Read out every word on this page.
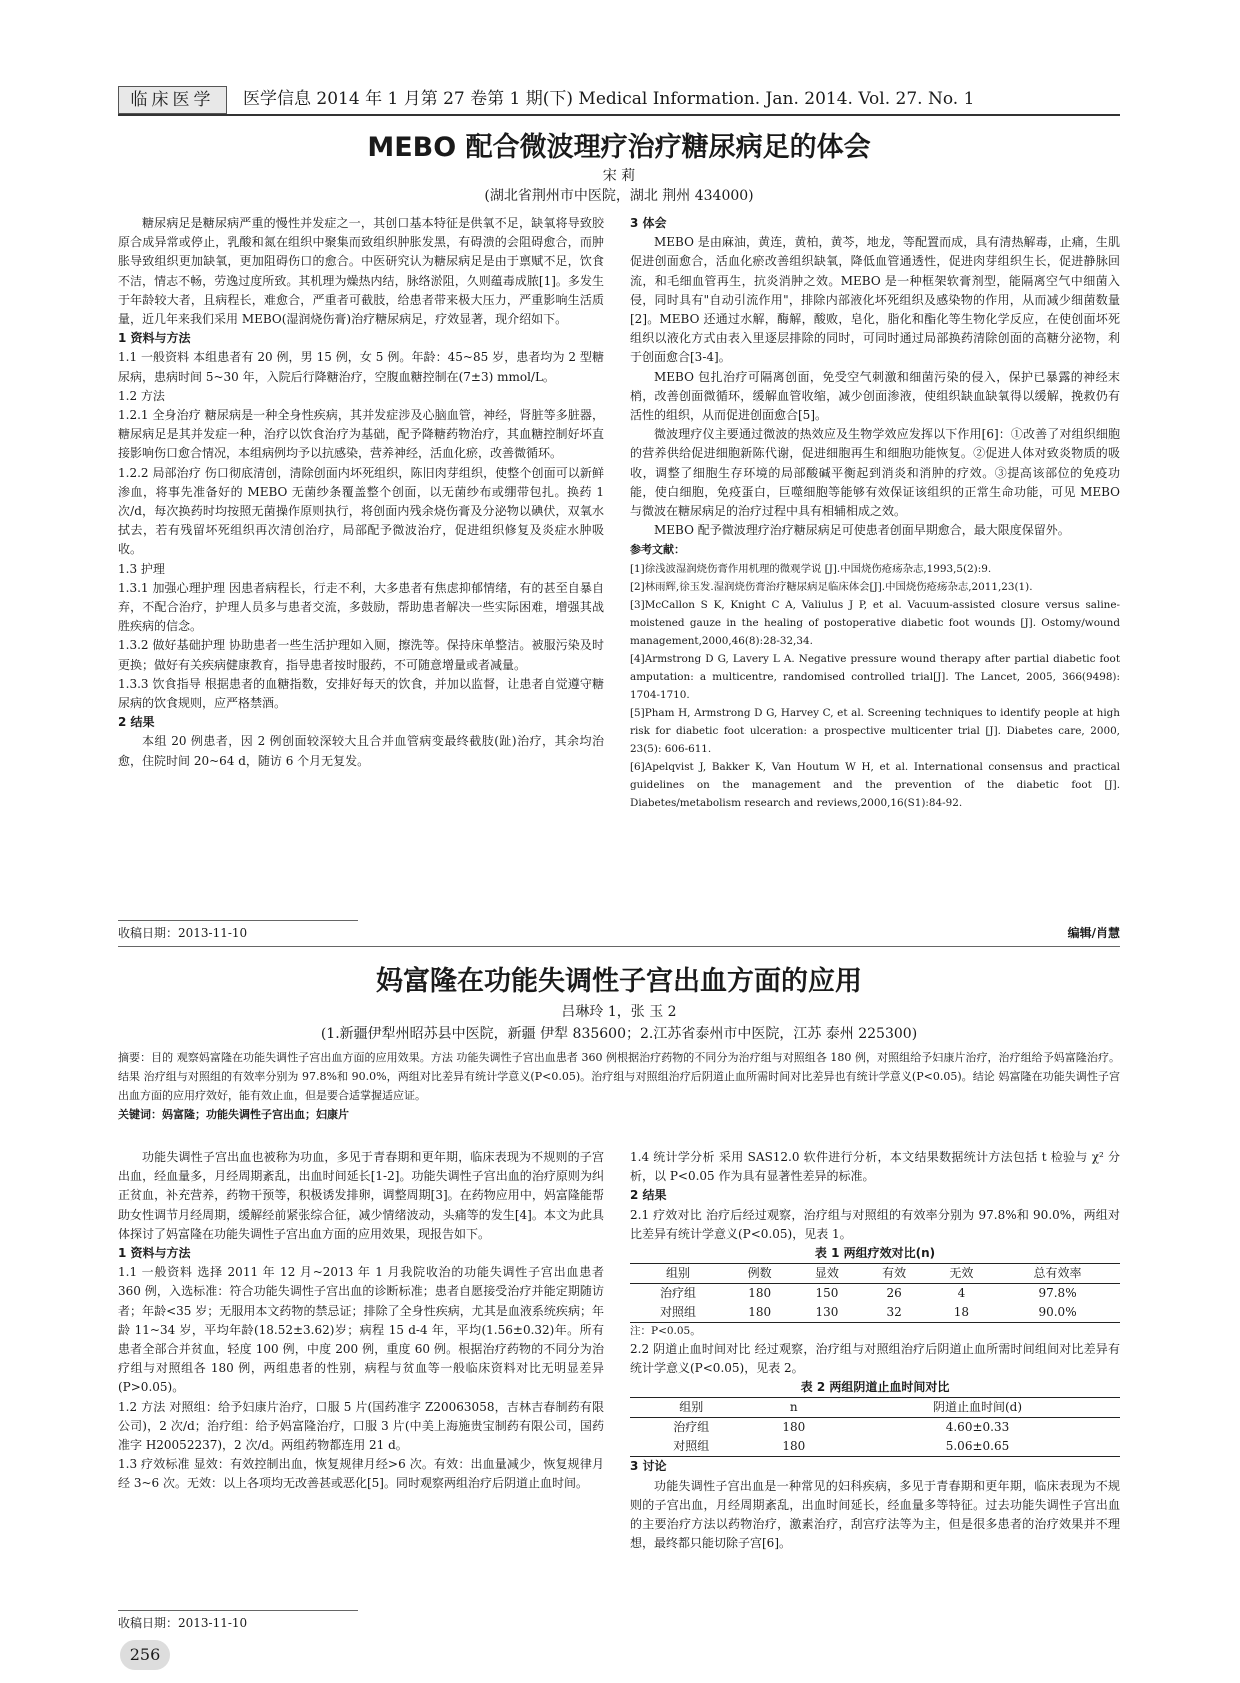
临床医学	医学信息 2014 年 1 月第 27 卷第 1 期(下) Medical Information. Jan. 2014. Vol. 27. No. 1
MEBO 配合微波理疗治疗糖尿病足的体会
宋 莉
(湖北省荆州市中医院，湖北 荆州 434000)

糖尿病足是糖尿病严重的慢性并发症之一，其创口基本特征是供氧不足，缺氧将导致胶原合成异常或停止，乳酸和氮在组织中聚集而致组织肿胀发黑，有碍溃的会阻碍愈合，而肿胀导致组织更加缺氧，更加阻碍伤口的愈合。中医研究认为糖尿病足是由于禀赋不足，饮食不洁，情志不畅，劳逸过度所致。其机理为燥热内结，脉络淤阻，久则蕴毒成脓[1]。多发生于年龄较大者，且病程长，难愈合，严重者可截肢，给患者带来极大压力，严重影响生活质量，近几年来我们采用 MEBO(湿润烧伤膏)治疗糖尿病足，疗效显著，现介绍如下。

1 资料与方法

1.1 一般资料 本组患者有 20 例，男 15 例，女 5 例。年龄：45~85 岁，患者均为 2 型糖尿病，患病时间 5~30 年，入院后行降糖治疗，空腹血糖控制在(7±3) mmol/L。

1.2 方法

1.2.1 全身治疗 糖尿病是一种全身性疾病，其并发症涉及心脑血管，神经，肾脏等多脏器，糖尿病足是其并发症一种，治疗以饮食治疗为基础，配予降糖药物治疗，其血糖控制好坏直接影响伤口愈合情况，本组病例均予以抗感染，营养神经，活血化瘀，改善微循环。

1.2.2 局部治疗 伤口彻底清创，清除创面内坏死组织，陈旧肉芽组织，使整个创面可以新鲜渗血，将事先准备好的 MEBO 无菌纱条覆盖整个创面，以无菌纱布或绷带包扎。换药 1 次/d，每次换药时均按照无菌操作原则执行，将创面内残余烧伤膏及分泌物以碘伏，双氧水拭去，若有残留坏死组织再次清创治疗，局部配予微波治疗，促进组织修复及炎症水肿吸收。

1.3 护理

1.3.1 加强心理护理 因患者病程长，行走不利，大多患者有焦虑抑郁情绪，有的甚至自暴自弃，不配合治疗，护理人员多与患者交流，多鼓励，帮助患者解决一些实际困难，增强其战胜疾病的信念。

1.3.2 做好基础护理 协助患者一些生活护理如入厕，擦洗等。保持床单整洁。被服污染及时更换；做好有关疾病健康教育，指导患者按时服药，不可随意增量或者减量。

1.3.3 饮食指导 根据患者的血糖指数，安排好每天的饮食，并加以监督，让患者自觉遵守糖尿病的饮食规则，应严格禁酒。

2 结果

本组 20 例患者，因 2 例创面较深较大且合并血管病变最终截肢(趾)治疗，其余均治愈，住院时间 20~64 d，随访 6 个月无复发。

3 体会

MEBO 是由麻油，黄连，黄柏，黄芩，地龙，等配置而成，具有清热解毒，止痛，生肌促进创面愈合，活血化瘀改善组织缺氧，降低血管通透性，促进肉芽组织生长，促进静脉回流，和毛细血管再生，抗炎消肿之效。MEBO 是一种框架软膏剂型，能隔离空气中细菌入侵，同时具有"自动引流作用"，排除内部液化坏死组织及感染物的作用，从而减少细菌数量[2]。MEBO 还通过水解，酶解，酸败，皂化，脂化和酯化等生物化学反应，在使创面坏死组织以液化方式由表入里逐层排除的同时，可同时通过局部换药清除创面的高糖分泌物，利于创面愈合[3-4]。

MEBO 包扎治疗可隔离创面，免受空气刺激和细菌污染的侵入，保护已暴露的神经末梢，改善创面微循环，缓解血管收缩，减少创面渗液，使组织缺血缺氧得以缓解，挽救仍有活性的组织，从而促进创面愈合[5]。

微波理疗仪主要通过微波的热效应及生物学效应发挥以下作用[6]：①改善了对组织细胞的营养供给促进细胞新陈代谢，促进细胞再生和细胞功能恢复。②促进人体对致炎物质的吸收，调整了细胞生存环境的局部酸碱平衡起到消炎和消肿的疗效。③提高该部位的免疫功能，使白细胞，免疫蛋白，巨噬细胞等能够有效保证该组织的正常生命功能，可见 MEBO 与微波在糖尿病足的治疗过程中具有相辅相成之效。

MEBO 配予微波理疗治疗糖尿病足可使患者创面早期愈合，最大限度保留外。

参考文献：

[1]徐浅波湿润烧伤膏作用机理的微观学说 [J].中国烧伤疮疡杂志,1993,5(2):9.

[2]林雨辉,徐玉发.湿润烧伤膏治疗糖尿病足临床体会[J].中国烧伤疮疡杂志,2011,23(1).

[3]McCallon S K, Knight C A, Valiulus J P, et al. Vacuum-assisted closure versus saline-moistened gauze in the healing of postoperative diabetic foot wounds [J]. Ostomy/wound management,2000,46(8):28-32,34.

[4]Armstrong D G, Lavery L A. Negative pressure wound therapy after partial diabetic foot amputation: a multicentre, randomised controlled trial[J]. The Lancet, 2005, 366(9498): 1704-1710.

[5]Pham H, Armstrong D G, Harvey C, et al. Screening techniques to identify people at high risk for diabetic foot ulceration: a prospective multicenter trial [J]. Diabetes care, 2000, 23(5): 606-611.

[6]Apelqvist J, Bakker K, Van Houtum W H, et al. International consensus and practical guidelines on the management and the prevention of the diabetic foot [J]. Diabetes/metabolism research and reviews,2000,16(S1):84-92.

收稿日期：2013-11-10	编辑/肖慧
妈富隆在功能失调性子宫出血方面的应用
吕琳玲 1，张 玉 2
(1.新疆伊犁州昭苏县中医院，新疆 伊犁 835600；2.江苏省泰州市中医院，江苏 泰州 225300)

摘要：目的 观察妈富隆在功能失调性子宫出血方面的应用效果。方法 功能失调性子宫出血患者 360 例根据治疗药物的不同分为治疗组与对照组各 180 例，对照组给予妇康片治疗，治疗组给予妈富隆治疗。结果 治疗组与对照组的有效率分别为 97.8%和 90.0%，两组对比差异有统计学意义(P<0.05)。治疗组与对照组治疗后阴道止血所需时间对比差异也有统计学意义(P<0.05)。结论 妈富隆在功能失调性子宫出血方面的应用疗效好，能有效止血，但是要合适掌握适应证。

关键词：妈富隆；功能失调性子宫出血；妇康片

功能失调性子宫出血也被称为功血，多见于青春期和更年期，临床表现为不规则的子宫出血，经血量多，月经周期紊乱，出血时间延长[1-2]。功能失调性子宫出血的治疗原则为纠正贫血，补充营养，药物干预等，积极诱发排卵，调整周期[3]。在药物应用中，妈富隆能帮助女性调节月经周期，缓解经前紧张综合征，减少情绪波动，头痛等的发生[4]。本文为此具体探讨了妈富隆在功能失调性子宫出血方面的应用效果，现报告如下。

1 资料与方法

1.1 一般资料 选择 2011 年 12 月~2013 年 1 月我院收治的功能失调性子宫出血患者 360 例，入选标准：符合功能失调性子宫出血的诊断标准；患者自愿接受治疗并能定期随访者；年龄<35 岁；无服用本文药物的禁忌证；排除了全身性疾病，尤其是血液系统疾病；年龄 11~34 岁，平均年龄(18.52±3.62)岁；病程 15 d-4 年，平均(1.56±0.32)年。所有患者全部合并贫血，轻度 100 例，中度 200 例，重度 60 例。根据治疗药物的不同分为治疗组与对照组各 180 例，两组患者的性别，病程与贫血等一般临床资料对比无明显差异(P>0.05)。

1.2 方法 对照组：给予妇康片治疗，口服 5 片(国药准字 Z20063058，吉林吉春制药有限公司)，2 次/d；治疗组：给予妈富隆治疗，口服 3 片(中美上海施贵宝制药有限公司，国药准字 H20052237)，2 次/d。两组药物都连用 21 d。

1.3 疗效标准 显效：有效控制出血，恢复规律月经>6 次。有效：出血量减少，恢复规律月经 3~6 次。无效：以上各项均无改善甚或恶化[5]。同时观察两组治疗后阴道止血时间。

1.4 统计学分析 采用 SAS12.0 软件进行分析，本文结果数据统计方法包括 t 检验与 χ² 分析，以 P<0.05 作为具有显著性差异的标准。

2 结果

2.1 疗效对比 治疗后经过观察，治疗组与对照组的有效率分别为 97.8%和 90.0%，两组对比差异有统计学意义(P<0.05)，见表 1。

表 1 两组疗效对比(n)

组别	例数	显效	有效	无效	总有效率
治疗组	180	150	26	4	97.8%
对照组	180	130	32	18	90.0%

注：P<0.05。

2.2 阴道止血时间对比 经过观察，治疗组与对照组治疗后阴道止血所需时间组间对比差异有统计学意义(P<0.05)，见表 2。

表 2 两组阴道止血时间对比

组别	n	阴道止血时间(d)
治疗组	180	4.60±0.33
对照组	180	5.06±0.65

3 讨论

功能失调性子宫出血是一种常见的妇科疾病，多见于青春期和更年期，临床表现为不规则的子宫出血，月经周期紊乱，出血时间延长，经血量多等特征。过去功能失调性子宫出血的主要治疗方法以药物治疗，激素治疗，刮宫疗法等为主，但是很多患者的治疗效果并不理想，最终都只能切除子宫[6]。

收稿日期：2013-11-10
256
